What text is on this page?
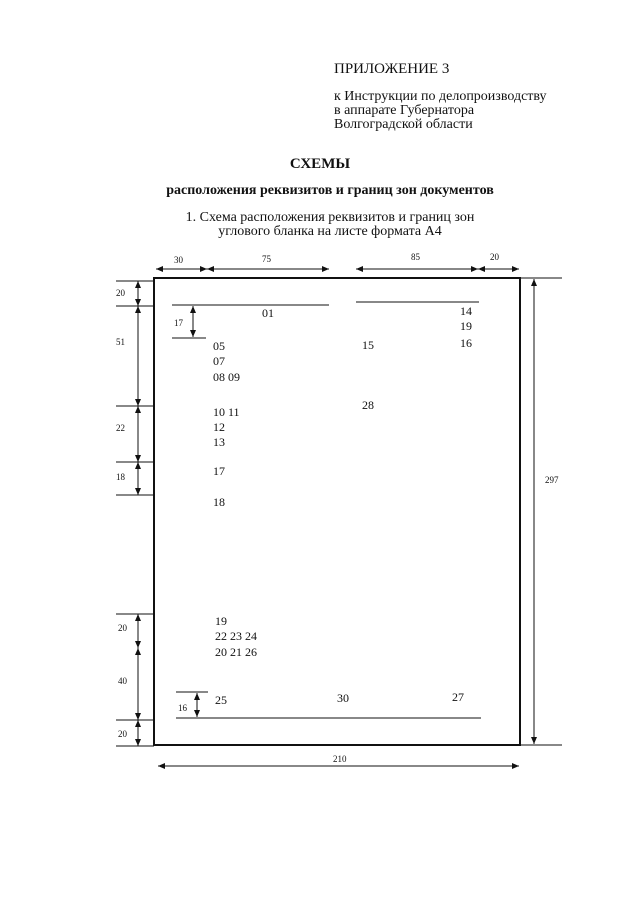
ПРИЛОЖЕНИЕ 3
к Инструкции по делопроизводству
в аппарате Губернатора
Волгоградской области
СХЕМЫ
расположения реквизитов и границ зон документов
1. Схема расположения реквизитов и границ зон
углового бланка на листе формата А4
30	75	85	20
20
51
22
18
20
40
20
297
210
17
16
01	14
19
16
15
05
07
08 09
28
10 11
12
13
17
18
19
22 23 24
20 21 26
25	30	27
